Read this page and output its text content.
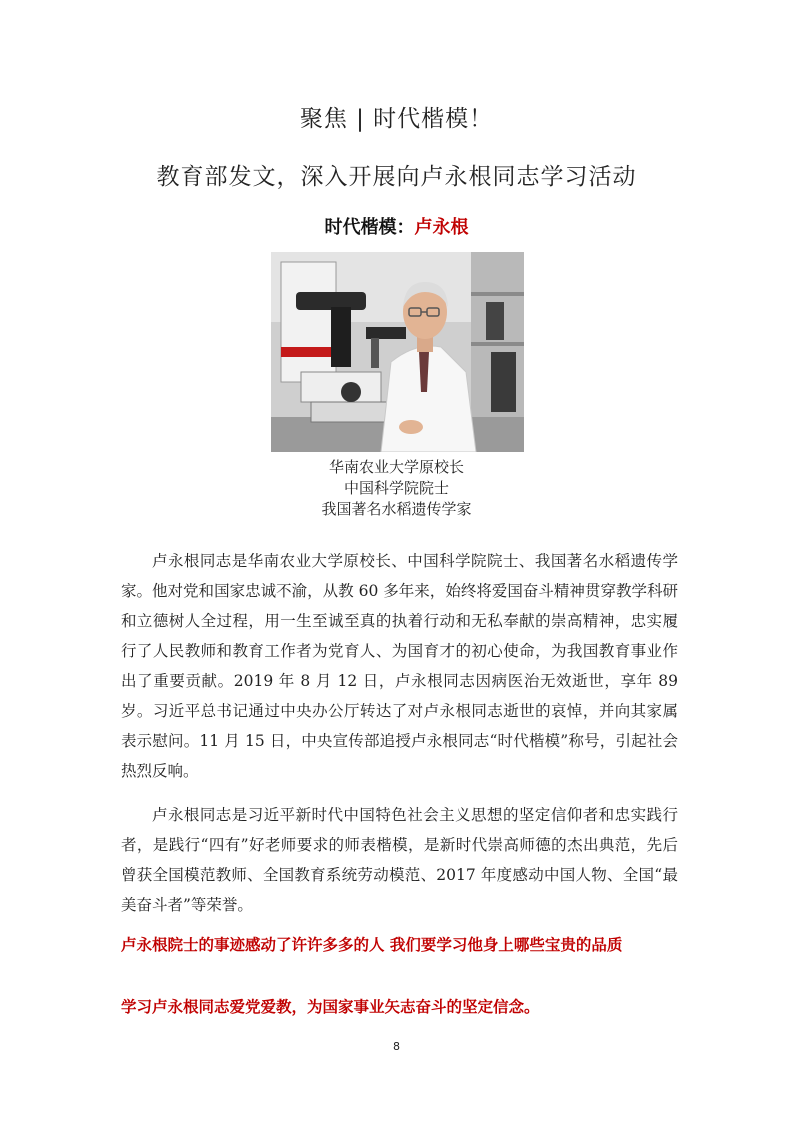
聚焦 | 时代楷模！
教育部发文，深入开展向卢永根同志学习活动
时代楷模：卢永根
华南农业大学原校长
中国科学院院士
我国著名水稻遗传学家

卢永根同志是华南农业大学原校长、中国科学院院士、我国著名水稻遗传学家。他对党和国家忠诚不渝，从教 60 多年来，始终将爱国奋斗精神贯穿教学科研和立德树人全过程，用一生至诚至真的执着行动和无私奉献的崇高精神，忠实履行了人民教师和教育工作者为党育人、为国育才的初心使命，为我国教育事业作出了重要贡献。2019 年 8 月 12 日，卢永根同志因病医治无效逝世，享年 89 岁。习近平总书记通过中央办公厅转达了对卢永根同志逝世的哀悼，并向其家属表示慰问。11 月 15 日，中央宣传部追授卢永根同志“时代楷模”称号，引起社会热烈反响。

卢永根同志是习近平新时代中国特色社会主义思想的坚定信仰者和忠实践行者，是践行“四有”好老师要求的师表楷模，是新时代崇高师德的杰出典范，先后曾获全国模范教师、全国教育系统劳动模范、2017 年度感动中国人物、全国“最美奋斗者”等荣誉。

卢永根院士的事迹感动了许许多多的人 我们要学习他身上哪些宝贵的品质
学习卢永根同志爱党爱教，为国家事业矢志奋斗的坚定信念。
8
